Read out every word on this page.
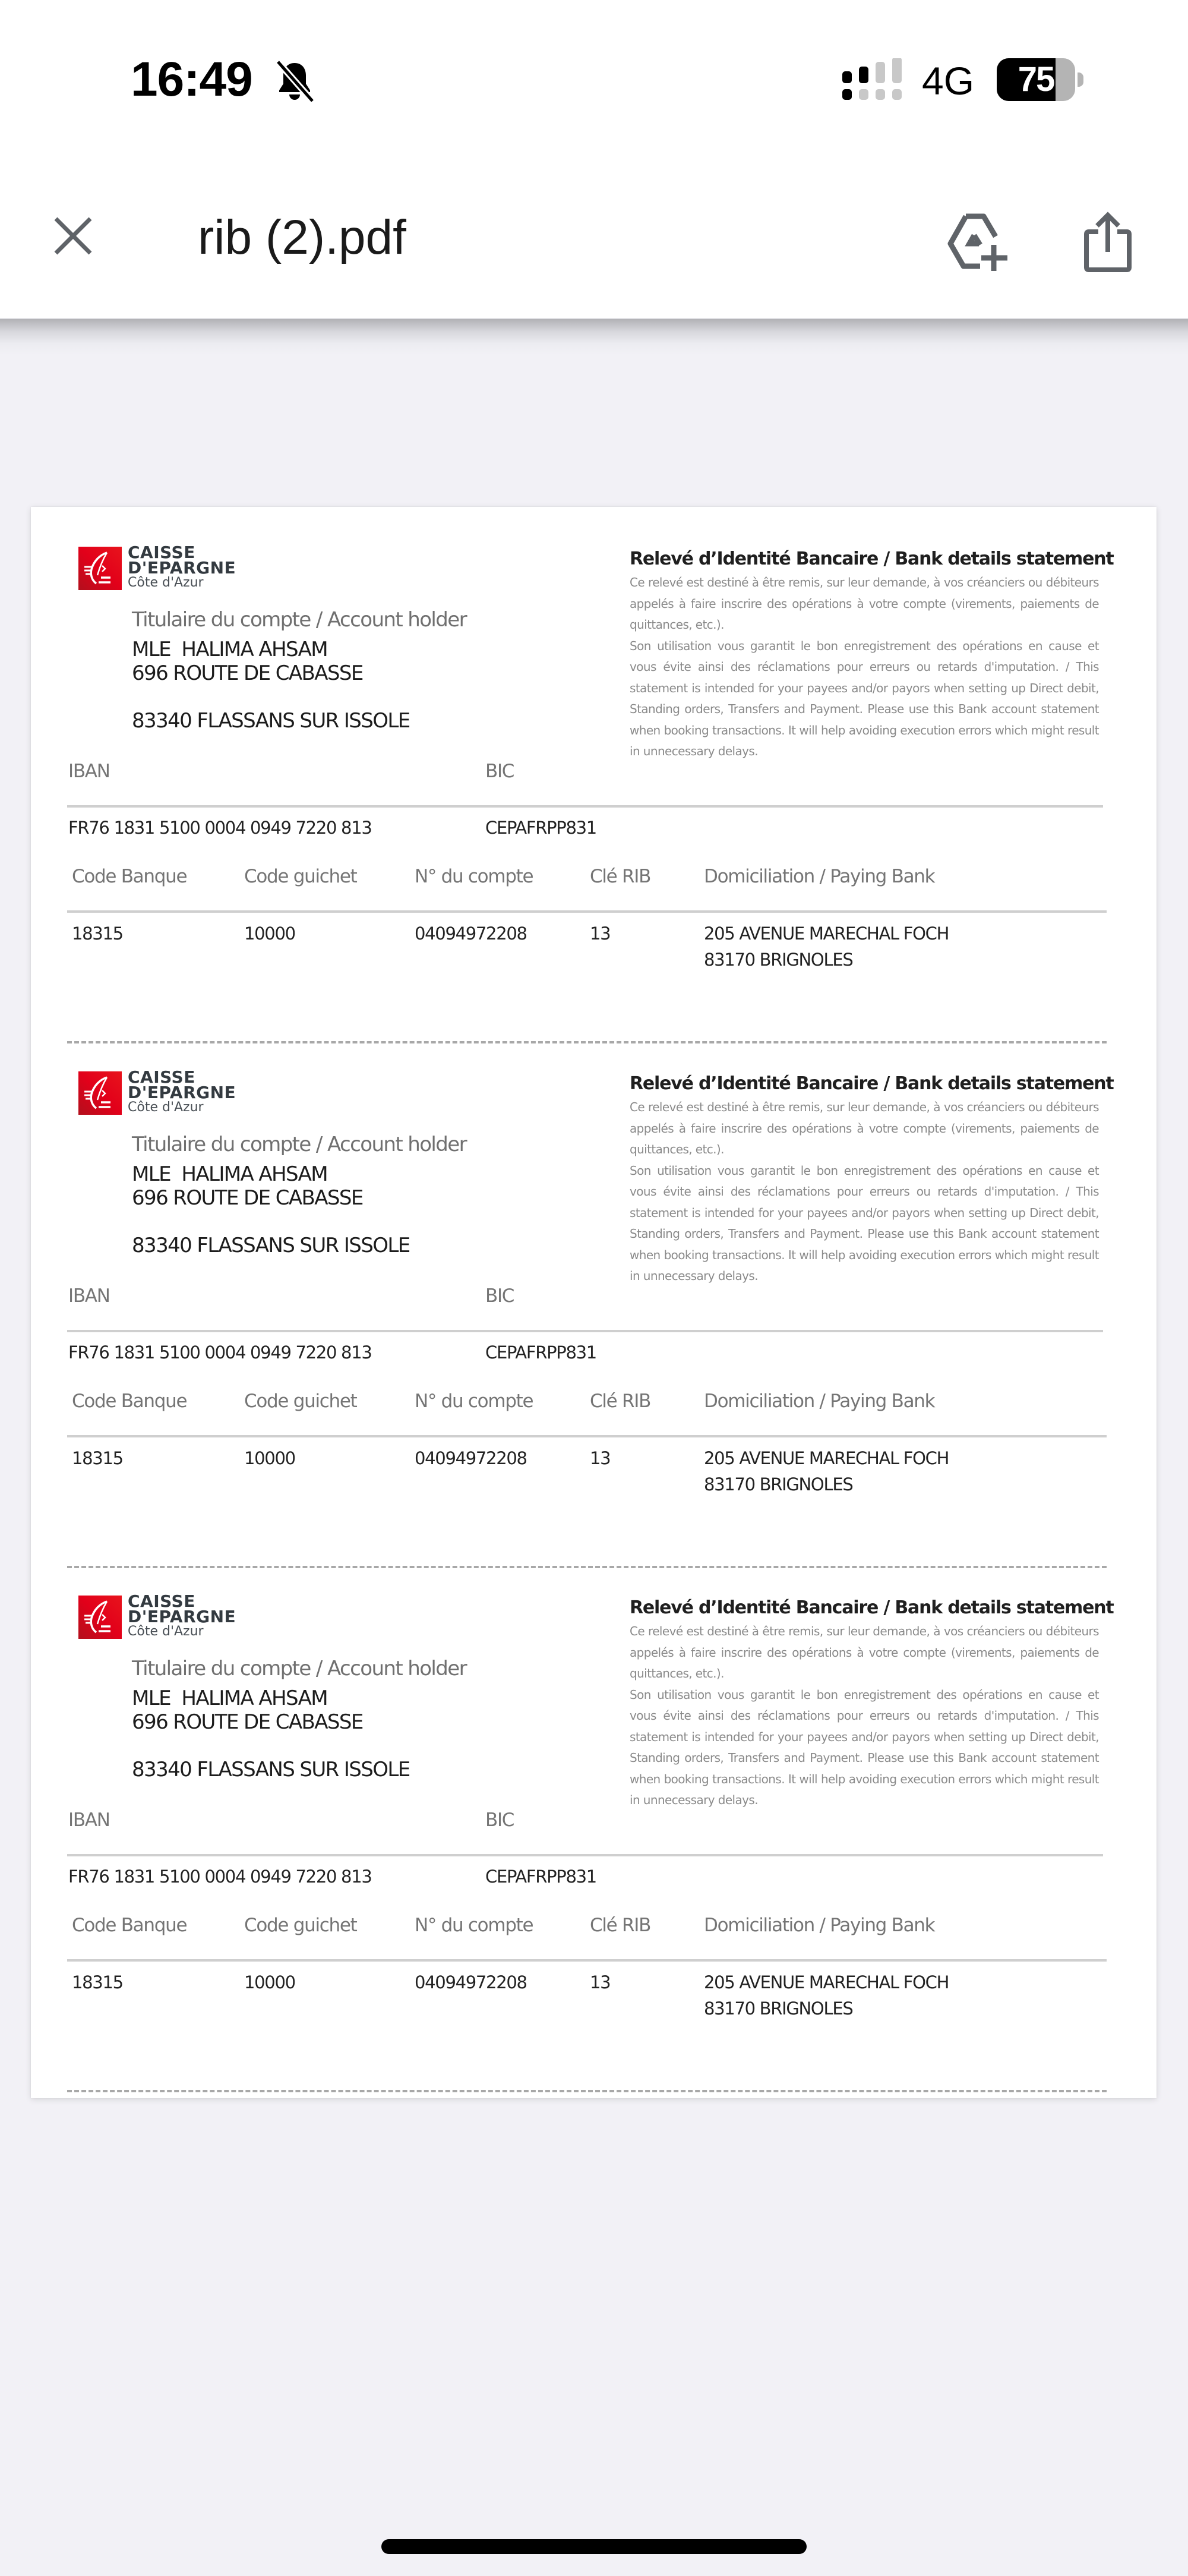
16:49	4G	75
rib (2).pdf
CAISSE
D'EPARGNE
Côte d'Azur
Titulaire du compte / Account holder
MLE  HALIMA AHSAM
696 ROUTE DE CABASSE
83340 FLASSANS SUR ISSOLE
Relevé d’Identité Bancaire / Bank details statement

Ce relevé est destiné à être remis, sur leur demande, à vos créanciers ou débiteurs appelés à faire inscrire des opérations à votre compte (virements, paiements de quittances, etc.).

Son utilisation vous garantit le bon enregistrement des opérations en cause et vous évite ainsi des réclamations pour erreurs ou retards d'imputation. / This statement is intended for your payees and/or payors when setting up Direct debit, Standing orders, Transfers and Payment. Please use this Bank account statement when booking transactions. It will help avoiding execution errors which might result in unnecessary delays.

IBAN	BIC
FR76 1831 5100 0004 0949 7220 813	CEPAFRPP831
Code Banque	Code guichet	N° du compte	Clé RIB	Domiciliation / Paying Bank
18315	10000	04094972208	13	205 AVENUE MARECHAL FOCH
83170 BRIGNOLES
CAISSE
D'EPARGNE
Côte d'Azur
Titulaire du compte / Account holder
MLE  HALIMA AHSAM
696 ROUTE DE CABASSE
83340 FLASSANS SUR ISSOLE
Relevé d’Identité Bancaire / Bank details statement

Ce relevé est destiné à être remis, sur leur demande, à vos créanciers ou débiteurs appelés à faire inscrire des opérations à votre compte (virements, paiements de quittances, etc.).

Son utilisation vous garantit le bon enregistrement des opérations en cause et vous évite ainsi des réclamations pour erreurs ou retards d'imputation. / This statement is intended for your payees and/or payors when setting up Direct debit, Standing orders, Transfers and Payment. Please use this Bank account statement when booking transactions. It will help avoiding execution errors which might result in unnecessary delays.

IBAN	BIC
FR76 1831 5100 0004 0949 7220 813	CEPAFRPP831
Code Banque	Code guichet	N° du compte	Clé RIB	Domiciliation / Paying Bank
18315	10000	04094972208	13	205 AVENUE MARECHAL FOCH
83170 BRIGNOLES
CAISSE
D'EPARGNE
Côte d'Azur
Titulaire du compte / Account holder
MLE  HALIMA AHSAM
696 ROUTE DE CABASSE
83340 FLASSANS SUR ISSOLE
Relevé d’Identité Bancaire / Bank details statement

Ce relevé est destiné à être remis, sur leur demande, à vos créanciers ou débiteurs appelés à faire inscrire des opérations à votre compte (virements, paiements de quittances, etc.).

Son utilisation vous garantit le bon enregistrement des opérations en cause et vous évite ainsi des réclamations pour erreurs ou retards d'imputation. / This statement is intended for your payees and/or payors when setting up Direct debit, Standing orders, Transfers and Payment. Please use this Bank account statement when booking transactions. It will help avoiding execution errors which might result in unnecessary delays.

IBAN	BIC
FR76 1831 5100 0004 0949 7220 813	CEPAFRPP831
Code Banque	Code guichet	N° du compte	Clé RIB	Domiciliation / Paying Bank
18315	10000	04094972208	13	205 AVENUE MARECHAL FOCH
83170 BRIGNOLES
